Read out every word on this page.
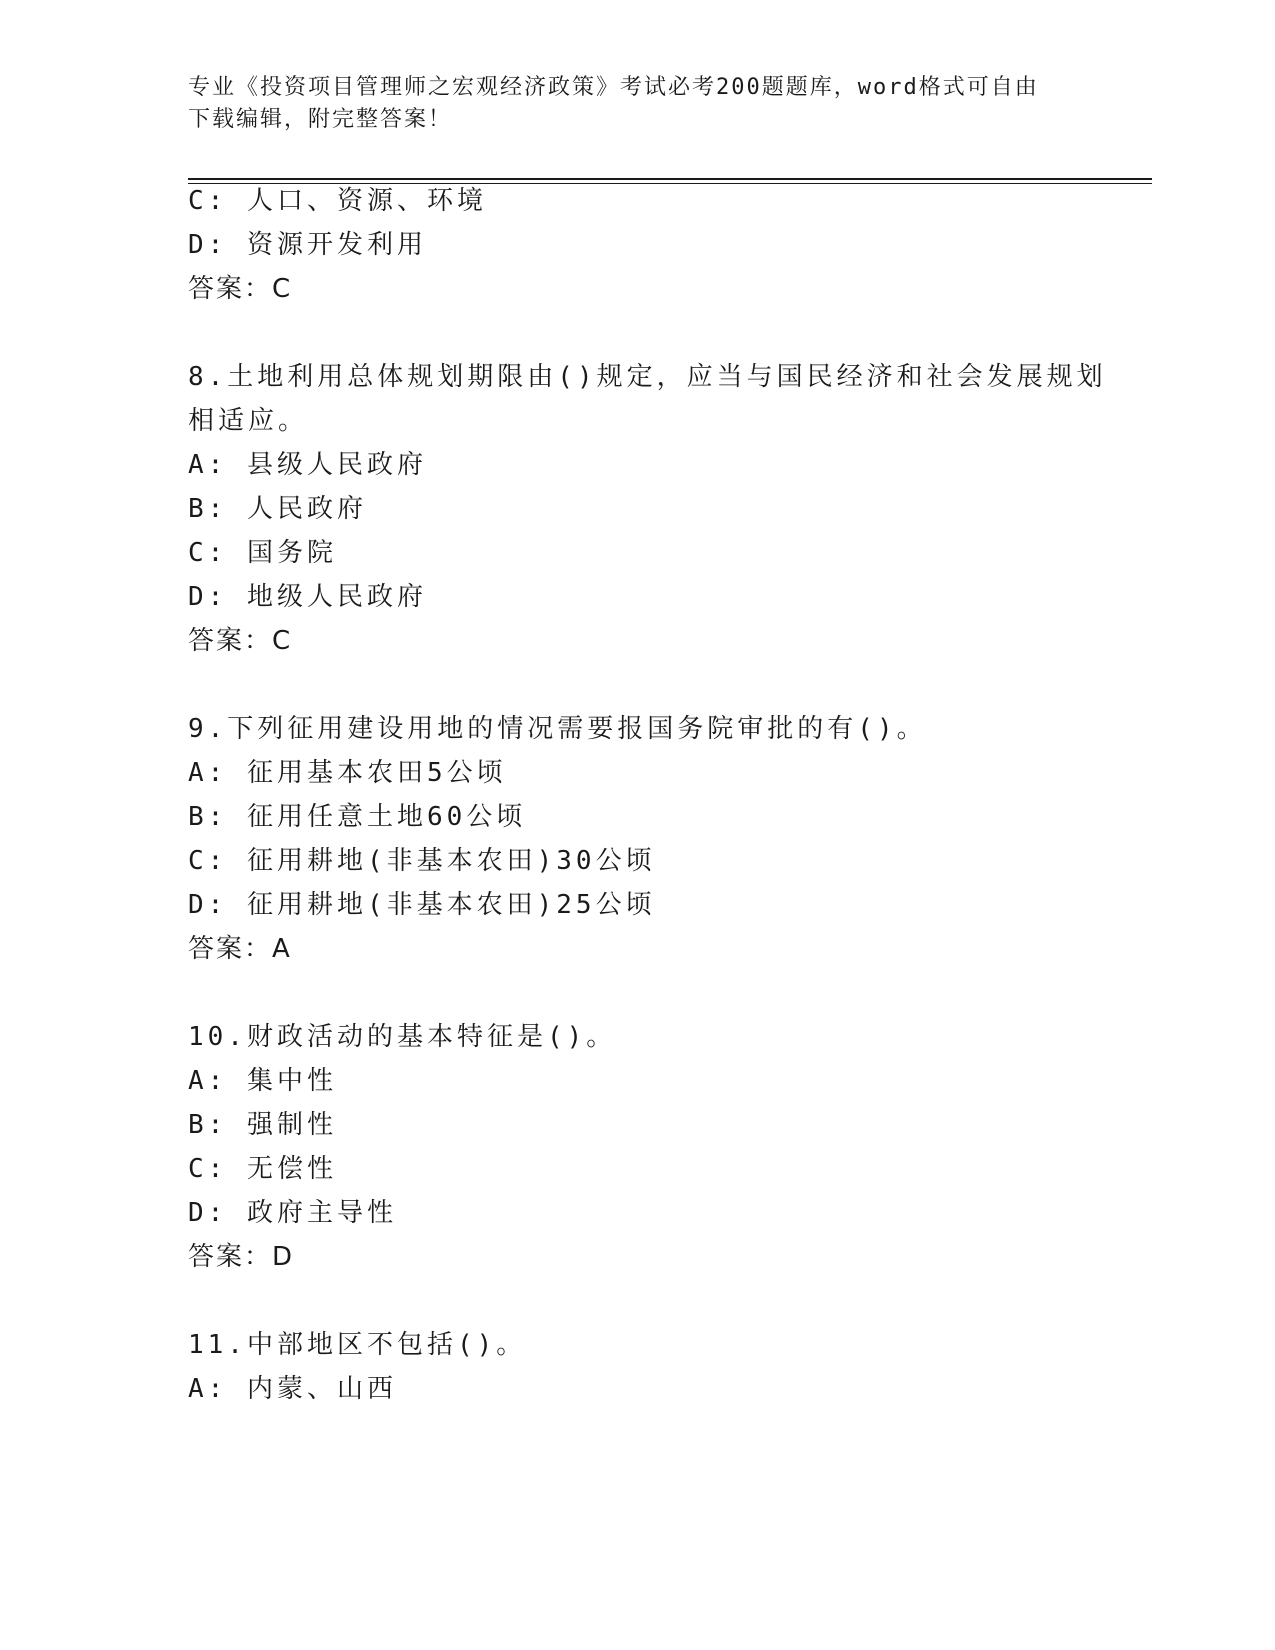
专业《投资项目管理师之宏观经济政策》考试必考200题题库，word格式可自由
下载编辑，附完整答案！
C: 人口、资源、环境
D: 资源开发利用
答案：C
8.土地利用总体规划期限由()规定，应当与国民经济和社会发展规划
相适应。
A: 县级人民政府
B: 人民政府
C: 国务院
D: 地级人民政府
答案：C
9.下列征用建设用地的情况需要报国务院审批的有()。
A: 征用基本农田5公顷
B: 征用任意土地60公顷
C: 征用耕地(非基本农田)30公顷
D: 征用耕地(非基本农田)25公顷
答案：A
10.财政活动的基本特征是()。
A: 集中性
B: 强制性
C: 无偿性
D: 政府主导性
答案：D
11.中部地区不包括()。
A: 内蒙、山西
